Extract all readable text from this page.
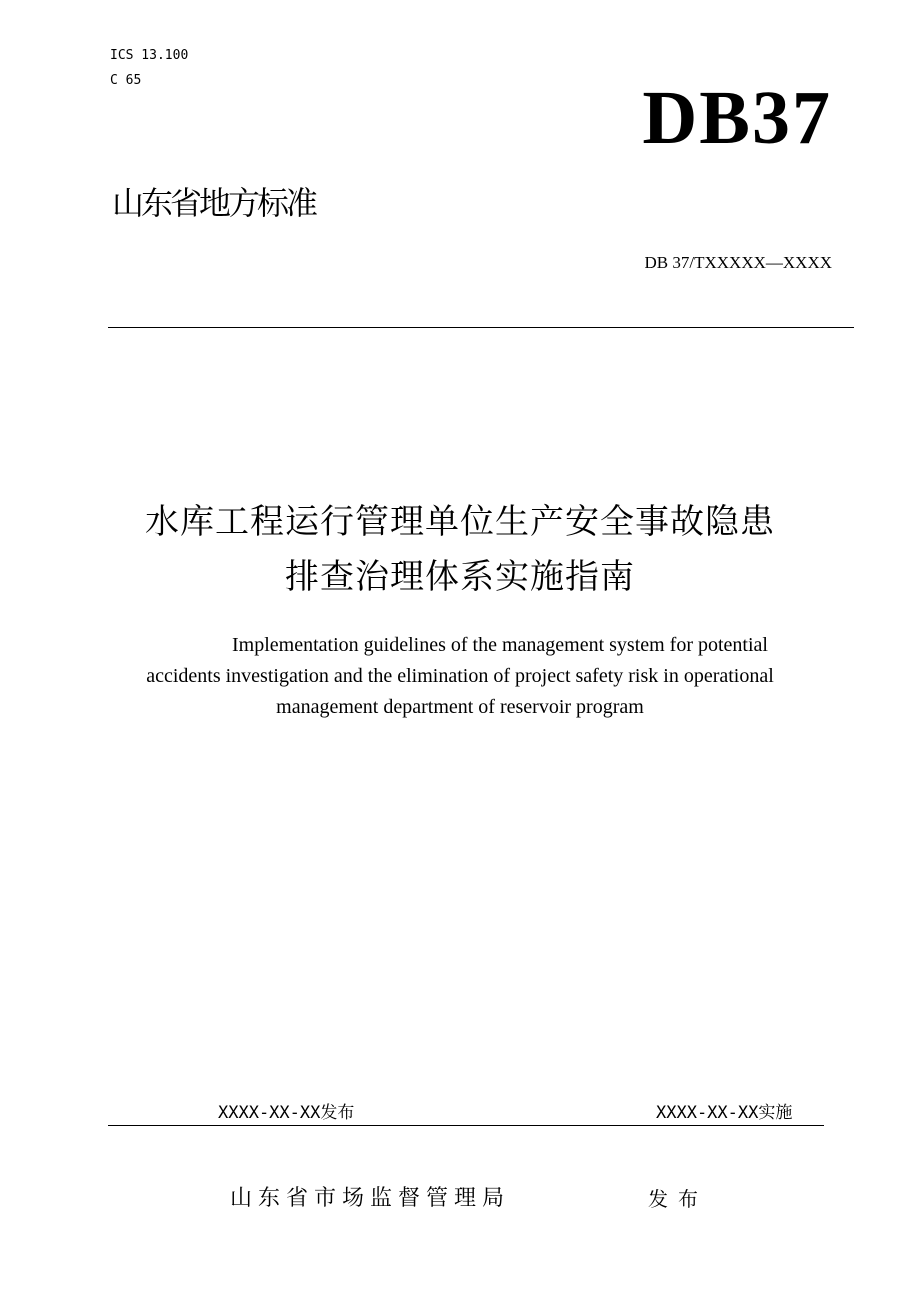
ICS 13.100
C 65	DB37
山东省地方标准
DB 37/TXXXXX—XXXX
水库工程运行管理单位生产安全事故隐患
排查治理体系实施指南
Implementation guidelines of the management system for potential
accidents investigation and the elimination of project safety risk in operational
management department of reservoir program
XXXX-XX-XX发布	XXXX-XX-XX实施
山东省市场监督管理局	发布
